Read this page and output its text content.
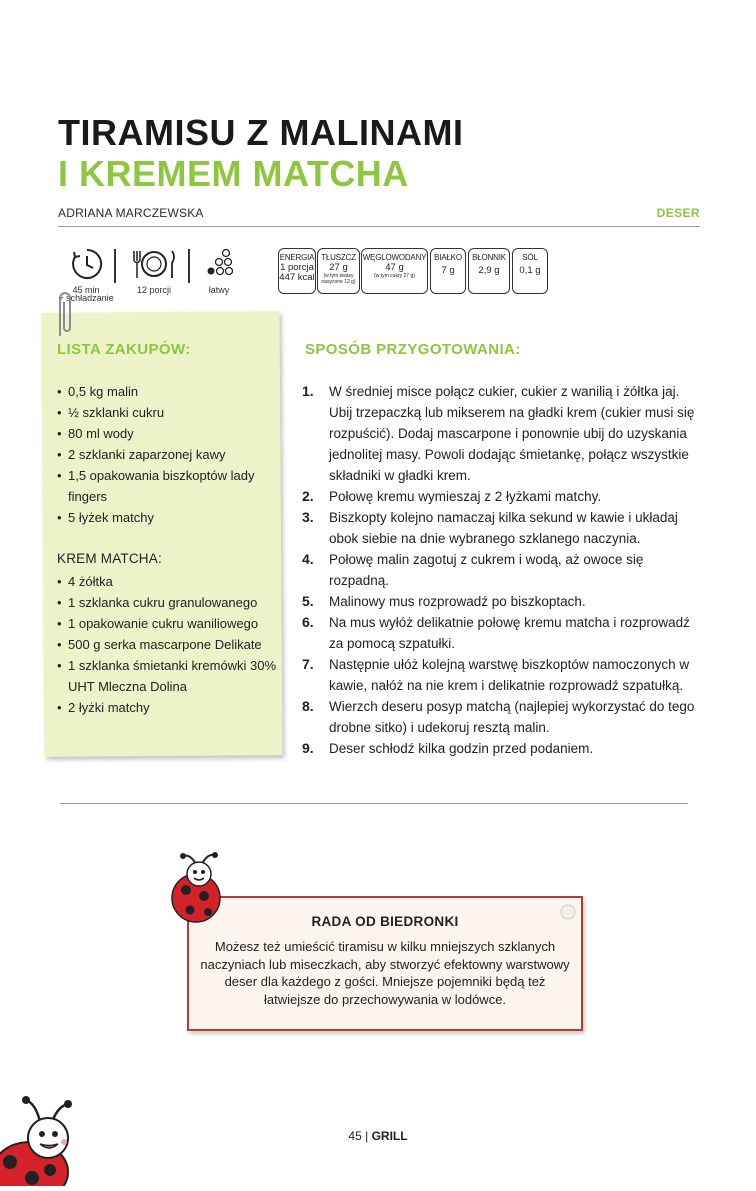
TIRAMISU Z MALINAMI
I KREMEM MATCHA
ADRIANA MARCZEWSKA	DESER
45 min
+ schładzanie
12 porcji	łatwy
ENERGIA
1 porcja
447 kcal
TŁUSZCZ
27 g
(w tym kwasy nasycone 12 g)
WĘGLOWODANY
47 g
(w tym cukry 27 g)
BIAŁKO
7 g
BŁONNIK
2,9 g
SÓL
0,1 g
LISTA ZAKUPÓW:
• 0,5 kg malin
• ½ szklanki cukru
• 80 ml wody
• 2 szklanki zaparzonej kawy
• 1,5 opakowania biszkoptów lady fingers
• 5 łyżek matchy
KREM MATCHA:
• 4 żółtka
• 1 szklanka cukru granulowanego
• 1 opakowanie cukru waniliowego
• 500 g serka mascarpone Delikate
• 1 szklanka śmietanki kremówki 30% UHT Mleczna Dolina
• 2 łyżki matchy
SPOSÓB PRZYGOTOWANIA:
1. W średniej misce połącz cukier, cukier z wanilią i żółtka jaj. Ubij trzepaczką lub mikserem na gładki krem (cukier musi się rozpuścić). Dodaj mascarpone i ponownie ubij do uzyskania jednolitej masy. Powoli dodając śmietankę, połącz wszystkie składniki w gładki krem.
2. Połowę kremu wymieszaj z 2 łyżkami matchy.
3. Biszkopty kolejno namaczaj kilka sekund w kawie i układaj obok siebie na dnie wybranego szklanego naczynia.
4. Połowę malin zagotuj z cukrem i wodą, aż owoce się rozpadną.
5. Malinowy mus rozprowadź po biszkoptach.
6. Na mus wyłóż delikatnie połowę kremu matcha i rozprowadź za pomocą szpatułki.
7. Następnie ułóż kolejną warstwę biszkoptów namoczonych w kawie, nałóż na nie krem i delikatnie rozprowadź szpatułką.
8. Wierzch deseru posyp matchą (najlepiej wykorzystać do tego drobne sitko) i udekoruj resztą malin.
9. Deser schłodź kilka godzin przed podaniem.
RADA OD BIEDRONKI
Możesz też umieścić tiramisu w kilku mniejszych szklanych naczyniach lub miseczkach, aby stworzyć efektowny warstwowy deser dla każdego z gości. Mniejsze pojemniki będą też łatwiejsze do przechowywania w lodówce.
45 | GRILL
